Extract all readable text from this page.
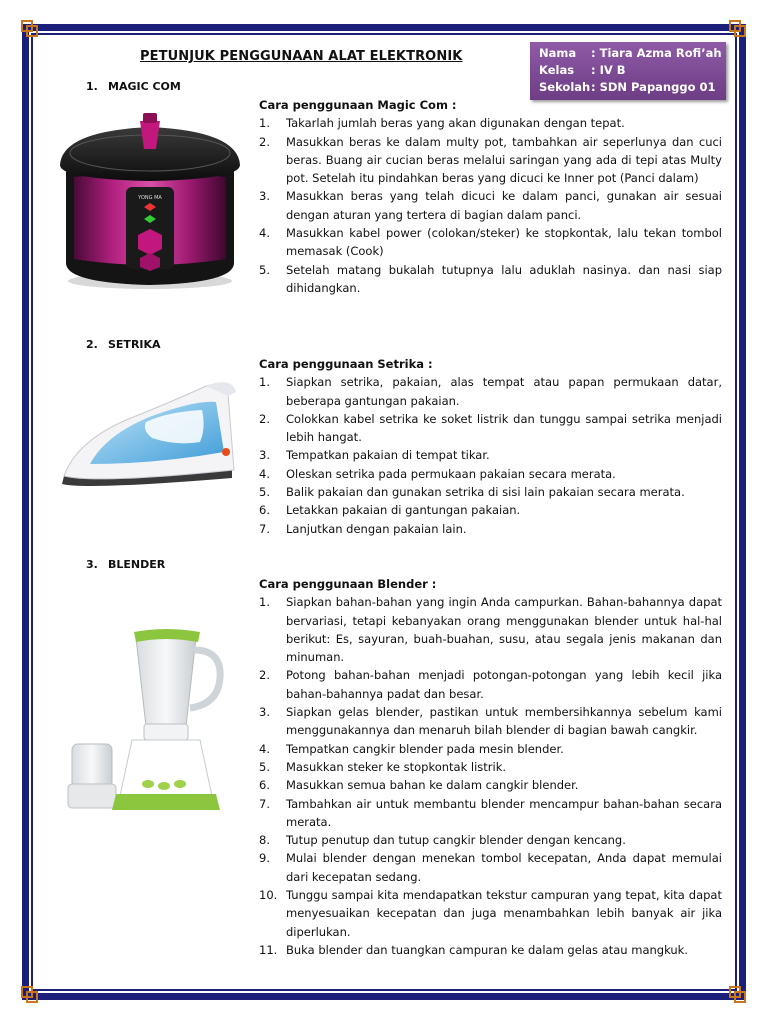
PETUNJUK PENGGUNAAN ALAT ELEKTRONIK	Nama : Tiara Azma Rofi’ah
Kelas : IV B
Sekolah: SDN Papanggo 01
1. MAGIC COM
YONG MA
Cara penggunaan Magic Com :
1. Takarlah jumlah beras yang akan digunakan dengan tepat.
2. Masukkan beras ke dalam multy pot, tambahkan air seperlunya dan cuci beras. Buang air cucian beras melalui saringan yang ada di tepi atas Multy pot. Setelah itu pindahkan beras yang dicuci ke Inner pot (Panci dalam)
3. Masukkan beras yang telah dicuci ke dalam panci, gunakan air sesuai dengan aturan yang tertera di bagian dalam panci.
4. Masukkan kabel power (colokan/steker) ke stopkontak, lalu tekan tombol memasak (Cook)
5. Setelah matang bukalah tutupnya lalu aduklah nasinya. dan nasi siap dihidangkan.
2. SETRIKA
Cara penggunaan Setrika :
1. Siapkan setrika, pakaian, alas tempat atau papan permukaan datar, beberapa gantungan pakaian.
2. Colokkan kabel setrika ke soket listrik dan tunggu sampai setrika menjadi lebih hangat.
3. Tempatkan pakaian di tempat tikar.
4. Oleskan setrika pada permukaan pakaian secara merata.
5. Balik pakaian dan gunakan setrika di sisi lain pakaian secara merata.
6. Letakkan pakaian di gantungan pakaian.
7. Lanjutkan dengan pakaian lain.
3. BLENDER
Cara penggunaan Blender :
1. Siapkan bahan-bahan yang ingin Anda campurkan. Bahan-bahannya dapat bervariasi, tetapi kebanyakan orang menggunakan blender untuk hal-hal berikut: Es, sayuran, buah-buahan, susu, atau segala jenis makanan dan minuman.
2. Potong bahan-bahan menjadi potongan-potongan yang lebih kecil jika bahan-bahannya padat dan besar.
3. Siapkan gelas blender, pastikan untuk membersihkannya sebelum kami menggunakannya dan menaruh bilah blender di bagian bawah cangkir.
4. Tempatkan cangkir blender pada mesin blender.
5. Masukkan steker ke stopkontak listrik.
6. Masukkan semua bahan ke dalam cangkir blender.
7. Tambahkan air untuk membantu blender mencampur bahan-bahan secara merata.
8. Tutup penutup dan tutup cangkir blender dengan kencang.
9. Mulai blender dengan menekan tombol kecepatan, Anda dapat memulai dari kecepatan sedang.
10. Tunggu sampai kita mendapatkan tekstur campuran yang tepat, kita dapat menyesuaikan kecepatan dan juga menambahkan lebih banyak air jika diperlukan.
11. Buka blender dan tuangkan campuran ke dalam gelas atau mangkuk.
